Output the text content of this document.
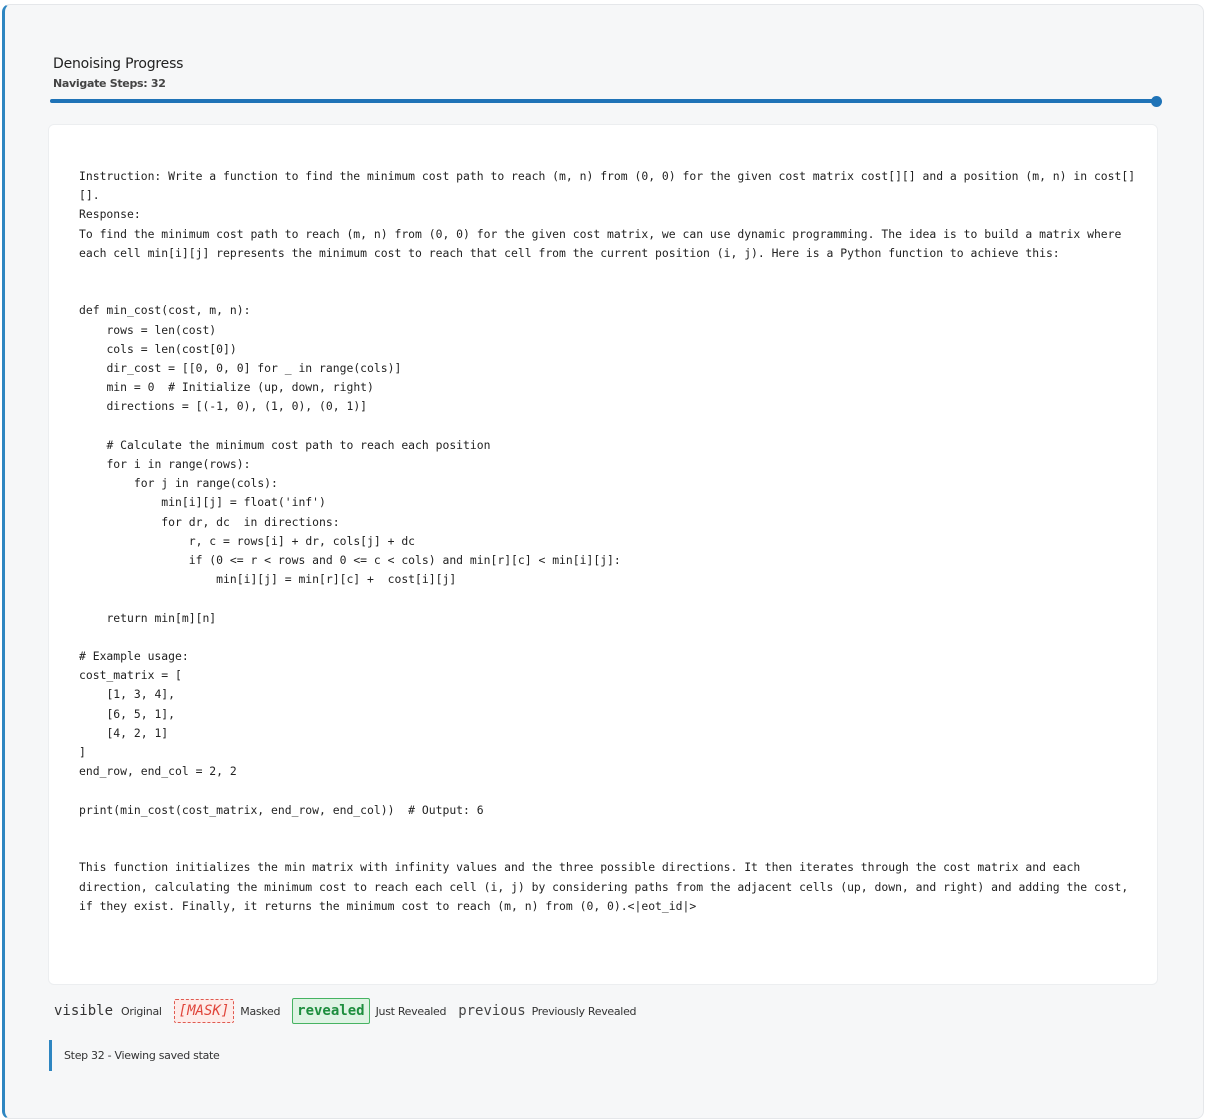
Denoising Progress
Navigate Steps: 32
Instruction: Write a function to find the minimum cost path to reach (m, n) from (0, 0) for the given cost matrix cost[][] and a position (m, n) in cost[][].
Response:
To find the minimum cost path to reach (m, n) from (0, 0) for the given cost matrix, we can use dynamic programming. The idea is to build a matrix where each cell min[i][j] represents the minimum cost to reach that cell from the current position (i, j). Here is a Python function to achieve this:

def min_cost(cost, m, n):
rows = len(cost)
cols = len(cost[0])
dir_cost = [[0, 0, 0] for _ in range(cols)]
min = 0  # Initialize (up, down, right)
directions = [(-1, 0), (1, 0), (0, 1)]

# Calculate the minimum cost path to reach each position
for i in range(rows):
for j in range(cols):
min[i][j] = float('inf')
for dr, dc  in directions:
r, c = rows[i] + dr, cols[j] + dc
if (0 <= r < rows and 0 <= c < cols) and min[r][c] < min[i][j]:
min[i][j] = min[r][c] +  cost[i][j]

return min[m][n]

# Example usage:
cost_matrix = [
[1, 3, 4],
[6, 5, 1],
[4, 2, 1]
]
end_row, end_col = 2, 2

print(min_cost(cost_matrix, end_row, end_col))  # Output: 6

This function initializes the min matrix with infinity values and the three possible directions. It then iterates through the cost matrix and each direction, calculating the minimum cost to reach each cell (i, j) by considering paths from the adjacent cells (up, down, and right) and adding the cost, if they exist. Finally, it returns the minimum cost to reach (m, n) from (0, 0).<|eot_id|>
visible Original	[MASK]	Masked	revealed	Just Revealed previous Previously Revealed
Step 32 - Viewing saved state
